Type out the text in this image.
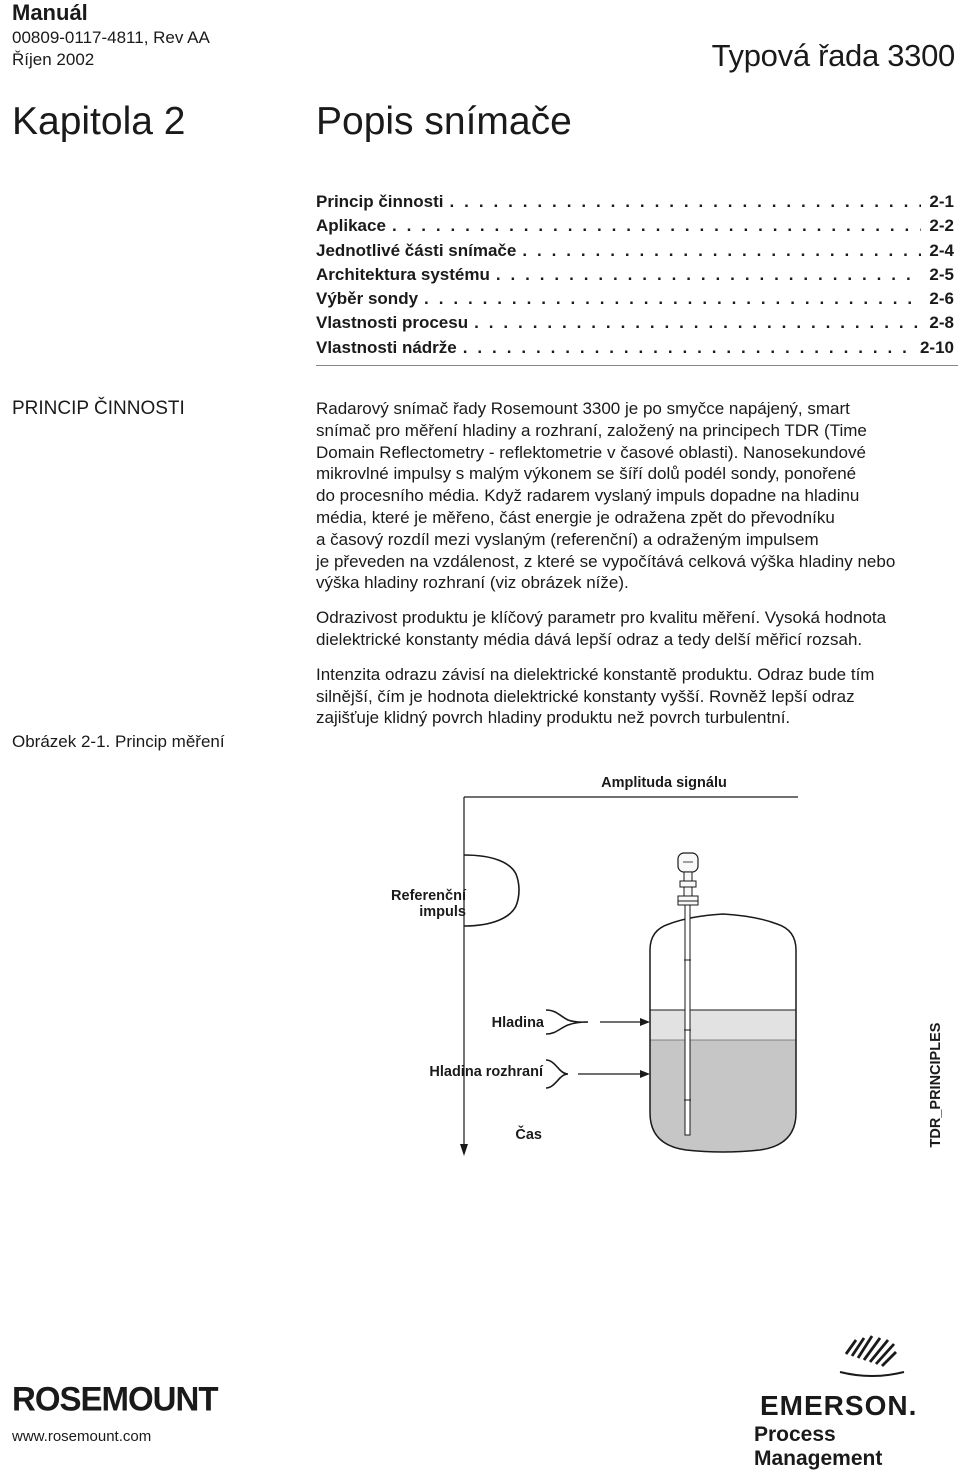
Manuál
00809-0117-4811, Rev AA
Říjen 2002	Typová řada 3300
Kapitola 2	Popis snímače
Princip činnosti . . .	2-1
Aplikace . . .	2-2
Jednotlivé části snímače . . .	2-4
Architektura systému . . .	2-5
Výběr sondy . . .	2-6
Vlastnosti procesu . . .	2-8
Vlastnosti nádrže . . .	2-10
PRINCIP ČINNOSTI
Obrázek 2-1. Princip měření

Radarový snímač řady Rosemount 3300 je po smyčce napájený, smart
snímač pro měření hladiny a rozhraní, založený na principech TDR (Time
Domain Reflectometry - reflektometrie v časové oblasti). Nanosekundové
mikrovlné impulsy s malým výkonem se šíří dolů podél sondy, ponořené
do procesního média. Když radarem vyslaný impuls dopadne na hladinu
média, které je měřeno, část energie je odražena zpět do převodníku
a časový rozdíl mezi vyslaným (referenční) a odraženým impulsem
je převeden na vzdálenost, z které se vypočítává celková výška hladiny nebo
výška hladiny rozhraní (viz obrázek níže).

Odrazivost produktu je klíčový parametr pro kvalitu měření. Vysoká hodnota
dielektrické konstanty média dává lepší odraz a tedy delší měřicí rozsah.

Intenzita odrazu závisí na dielektrické konstantě produktu. Odraz bude tím
silnější, čím je hodnota dielektrické konstanty vyšší. Rovněž lepší odraz
zajišťuje klidný povrch hladiny produktu než povrch turbulentní.

Amplituda signálu
Referenční
impuls
Hladina
Hladina rozhraní
Čas	TDR_PRINCIPLES
ROSEMOUNT
www.rosemount.com
EMERSON.
Process Management
